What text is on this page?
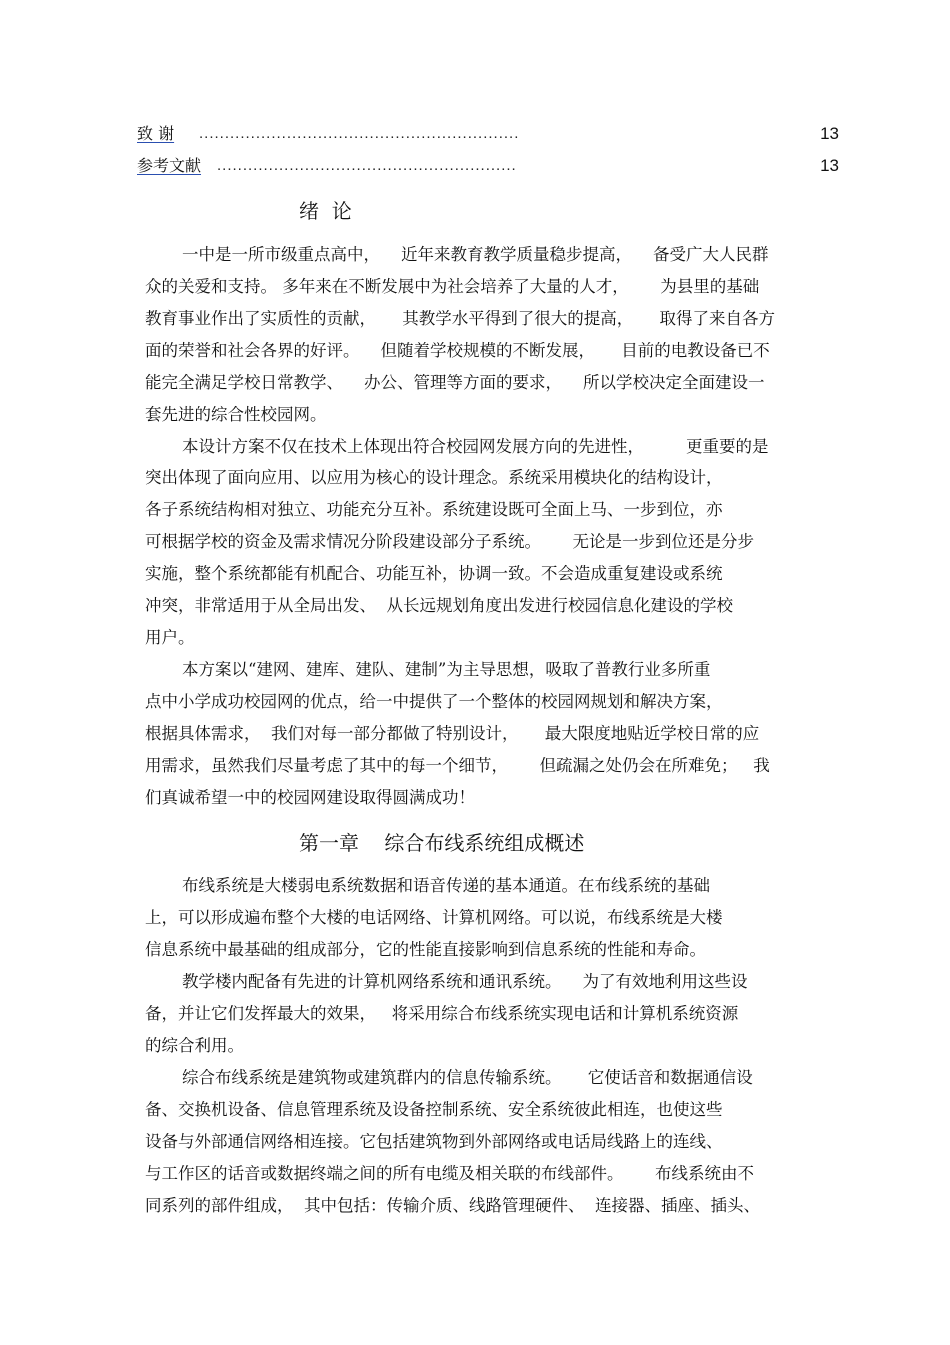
致 谢 ..............................................................	13
参考文献 ..........................................................	13
绪  论
一中是一所市级重点高中，    近年来教育教学质量稳步提高，    备受广大人民群
众的关爱和支持。 多年来在不断发展中为社会培养了大量的人才，      为县里的基础
教育事业作出了实质性的贡献，     其教学水平得到了很大的提高，     取得了来自各方
面的荣誉和社会各界的好评。    但随着学校规模的不断发展，     目前的电教设备已不
能完全满足学校日常教学、    办公、管理等方面的要求，    所以学校决定全面建设一
套先进的综合性校园网。
本设计方案不仅在技术上体现出符合校园网发展方向的先进性，        更重要的是
突出体现了面向应用、以应用为核心的设计理念。系统采用模块化的结构设计，
各子系统结构相对独立、功能充分互补。系统建设既可全面上马、一步到位，亦
可根据学校的资金及需求情况分阶段建设部分子系统。      无论是一步到位还是分步
实施，整个系统都能有机配合、功能互补，协调一致。不会造成重复建设或系统
冲突，非常适用于从全局出发、  从长远规划角度出发进行校园信息化建设的学校
用户。
本方案以“建网、建库、建队、建制”为主导思想，吸取了普教行业多所重
点中小学成功校园网的优点，给一中提供了一个整体的校园网规划和解决方案，
根据具体需求，  我们对每一部分都做了特别设计，     最大限度地贴近学校日常的应
用需求，虽然我们尽量考虑了其中的每一个细节，      但疏漏之处仍会在所难免；   我
们真诚希望一中的校园网建设取得圆满成功！
第一章    综合布线系统组成概述
布线系统是大楼弱电系统数据和语音传递的基本通道。在布线系统的基础
上，可以形成遍布整个大楼的电话网络、计算机网络。可以说，布线系统是大楼
信息系统中最基础的组成部分，它的性能直接影响到信息系统的性能和寿命。
教学楼内配备有先进的计算机网络系统和通讯系统。    为了有效地利用这些设
备，并让它们发挥最大的效果，   将采用综合布线系统实现电话和计算机系统资源
的综合利用。
综合布线系统是建筑物或建筑群内的信息传输系统。     它使话音和数据通信设
备、交换机设备、信息管理系统及设备控制系统、安全系统彼此相连，也使这些
设备与外部通信网络相连接。它包括建筑物到外部网络或电话局线路上的连线、
与工作区的话音或数据终端之间的所有电缆及相关联的布线部件。      布线系统由不
同系列的部件组成，  其中包括：传输介质、线路管理硬件、  连接器、插座、插头、
